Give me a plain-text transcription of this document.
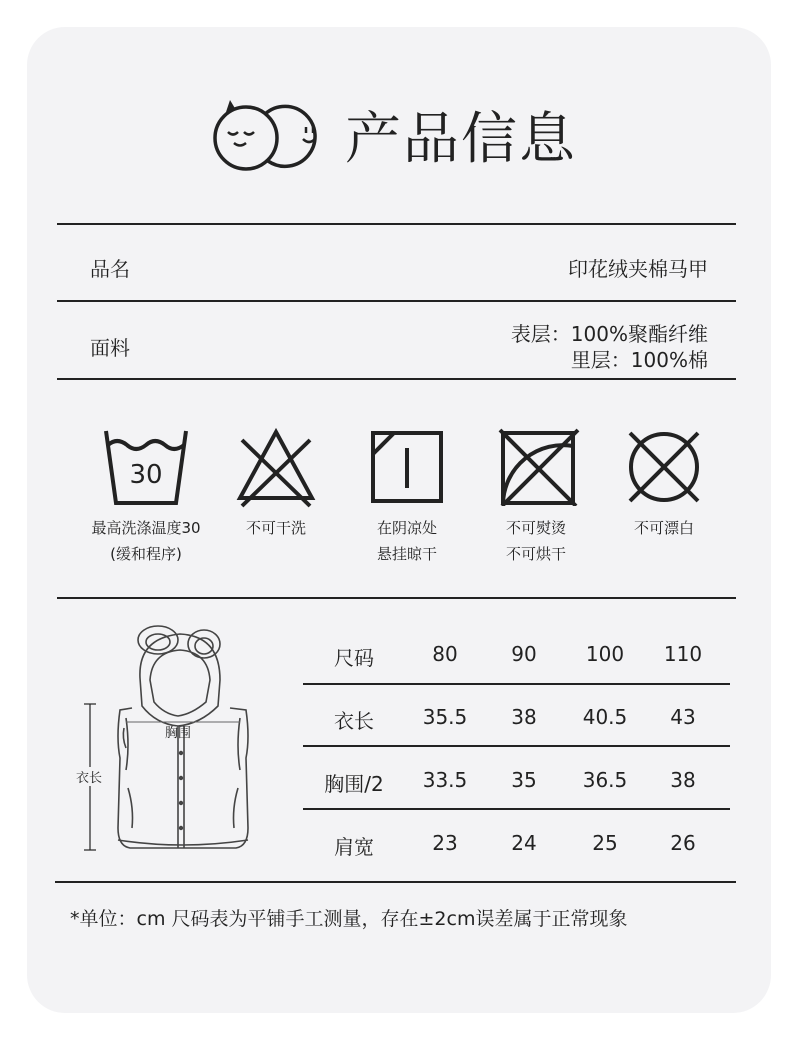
产品信息
品名	印花绒夹棉马甲
面料
表层：100%聚酯纤维
里层：100%棉
30
最高洗涤温度30
(缓和程序)
不可干洗	在阴凉处
悬挂晾干
不可熨烫
不可烘干
不可漂白
胸围
衣长
尺码	80	90	100	110
衣长	35.5	38	40.5	43
胸围/2	33.5	35	36.5	38
肩宽	23	24	25	26
*单位：cm 尺码表为平铺手工测量，存在±2cm误差属于正常现象
